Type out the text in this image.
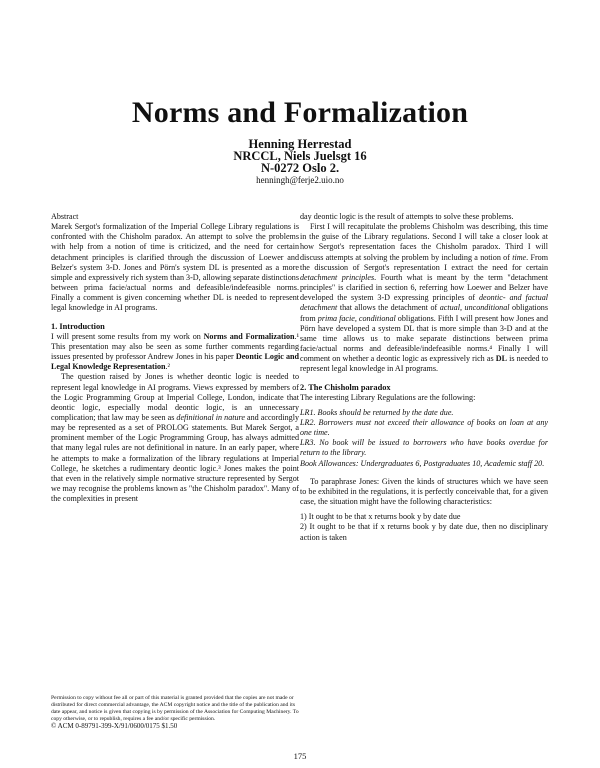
Norms and Formalization
Henning Herrestad
NRCCL, Niels Juelsgt 16
N-0272 Oslo 2.
henningh@ferje2.uio.no

Abstract

Marek Sergot's formalization of the Imperial College Library regulations is confronted with the Chisholm paradox. An attempt to solve the problems with help from a notion of time is criticized, and the need for certain detachment principles is clarified through the discussion of Loewer and Belzer's system 3-D. Jones and Pörn's system DL is presented as a more simple and expressively rich system than 3-D, allowing separate distinctions between prima facie/actual norms and defeasible/indefeasible norms. Finally a comment is given concerning whether DL is needed to represent legal knowledge in AI programs.

1. Introduction

I will present some results from my work on Norms and Formalization.¹ This presentation may also be seen as some further comments regarding issues presented by professor Andrew Jones in his paper Deontic Logic and Legal Knowledge Representation.²

The question raised by Jones is whether deontic logic is needed to represent legal knowledge in AI programs. Views expressed by members of the Logic Programming Group at Imperial College, London, indicate that deontic logic, especially modal deontic logic, is an unnecessary complication; that law may be seen as definitional in nature and accordingly may be represented as a set of PROLOG statements. But Marek Sergot, a prominent member of the Logic Programming Group, has always admitted that many legal rules are not definitional in nature. In an early paper, where he attempts to make a formalization of the library regulations at Imperial College, he sketches a rudimentary deontic logic.³ Jones makes the point that even in the relatively simple normative structure represented by Sergot we may recognise the problems known as "the Chisholm paradox". Many of the complexities in present

Permission to copy without fee all or part of this material is granted provided that the copies are not made or distributed for direct commercial advantage, the ACM copyright notice and the title of the publication and its date appear, and notice is given that copying is by permission of the Association for Computing Machinery. To copy otherwise, or to republish, requires a fee and/or specific permission.

© ACM 0-89791-399-X/91/0600/0175 $1.50

day deontic logic is the result of attempts to solve these problems.

First I will recapitulate the problems Chisholm was describing, this time in the guise of the Library regulations. Second I will take a closer look at how Sergot's representation faces the Chisholm paradox. Third I will discuss attempts at solving the problem by including a notion of time. From the discussion of Sergot's representation I extract the need for certain detachment principles. Fourth what is meant by the term "detachment principles" is clarified in section 6, referring how Loewer and Belzer have developed the system 3-D expressing principles of deontic- and factual detachment that allows the detachment of actual, unconditional obligations from prima facie, conditional obligations. Fifth I will present how Jones and Pörn have developed a system DL that is more simple than 3-D and at the same time allows us to make separate distinctions between prima facie/actual norms and defeasible/indefeasible norms.⁴ Finally I will comment on whether a deontic logic as expressively rich as DL is needed to represent legal knowledge in AI programs.

2. The Chisholm paradox

The interesting Library Regulations are the following:

LR1. Books should be returned by the date due.

LR2. Borrowers must not exceed their allowance of books on loan at any one time.

LR3. No book will be issued to borrowers who have books overdue for return to the library.

Book Allowances: Undergraduates 6, Postgraduates 10, Academic staff 20.

To paraphrase Jones: Given the kinds of structures which we have seen to be exhibited in the regulations, it is perfectly conceivable that, for a given case, the situation might have the following characteristics:

1) It ought to be that x returns book y by date due

2) It ought to be that if x returns book y by date due, then no disciplinary action is taken

175
